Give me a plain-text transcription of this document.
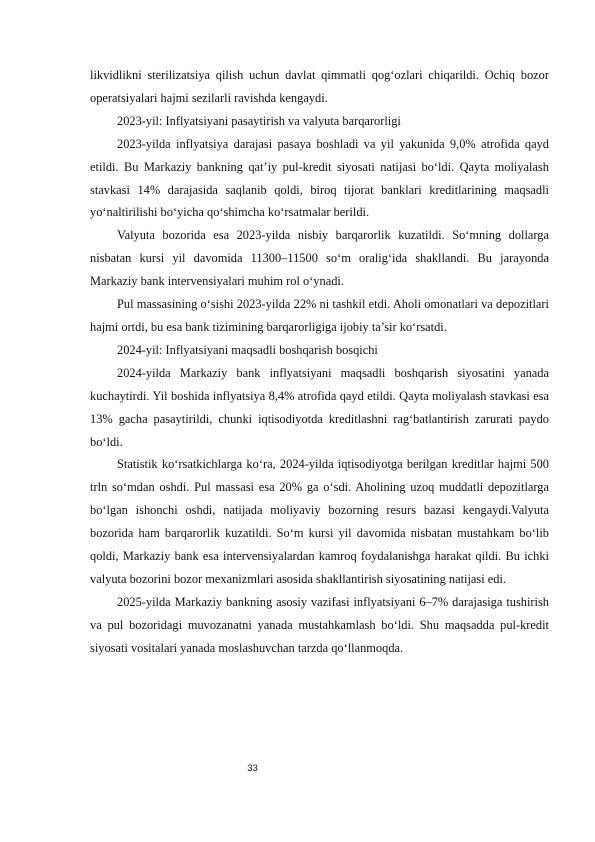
likvidlikni sterilizatsiya qilish uchun davlat qimmatli qog‘ozlari chiqarildi. Ochiq bozor operatsiyalari hajmi sezilarli ravishda kengaydi.

2023-yil: Inflyatsiyani pasaytirish va valyuta barqarorligi

2023-yilda inflyatsiya darajasi pasaya boshladi va yil yakunida 9,0% atrofida qayd etildi. Bu Markaziy bankning qat’iy pul-kredit siyosati natijasi bo‘ldi. Qayta moliyalash stavkasi 14% darajasida saqlanib qoldi, biroq tijorat banklari kreditlarining maqsadli yo‘naltirilishi bo‘yicha qo‘shimcha ko‘rsatmalar berildi.

Valyuta bozorida esa 2023-yilda nisbiy barqarorlik kuzatildi. So‘mning dollarga nisbatan kursi yil davomida 11300–11500 so‘m oralig‘ida shakllandi. Bu jarayonda Markaziy bank intervensiyalari muhim rol o‘ynadi.

Pul massasining o‘sishi 2023-yilda 22% ni tashkil etdi. Aholi omonatlari va depozitlari hajmi ortdi, bu esa bank tizimining barqarorligiga ijobiy ta’sir ko‘rsatdi.

2024-yil: Inflyatsiyani maqsadli boshqarish bosqichi

2024-yilda Markaziy bank inflyatsiyani maqsadli boshqarish siyosatini yanada kuchaytirdi. Yil boshida inflyatsiya 8,4% atrofida qayd etildi. Qayta moliyalash stavkasi esa 13% gacha pasaytirildi, chunki iqtisodiyotda kreditlashni rag‘batlantirish zarurati paydo bo‘ldi.

Statistik ko‘rsatkichlarga ko‘ra, 2024-yilda iqtisodiyotga berilgan kreditlar hajmi 500 trln so‘mdan oshdi. Pul massasi esa 20% ga o‘sdi. Aholining uzoq muddatli depozitlarga bo‘lgan ishonchi oshdi, natijada moliyaviy bozorning resurs bazasi kengaydi.Valyuta bozorida ham barqarorlik kuzatildi. So‘m kursi yil davomida nisbatan mustahkam bo‘lib qoldi, Markaziy bank esa intervensiyalardan kamroq foydalanishga harakat qildi. Bu ichki valyuta bozorini bozor mexanizmlari asosida shakllantirish siyosatining natijasi edi.

2025-yilda Markaziy bankning asosiy vazifasi inflyatsiyani 6–7% darajasiga tushirish va pul bozoridagi muvozanatni yanada mustahkamlash bo‘ldi. Shu maqsadda pul-kredit siyosati vositalari yanada moslashuvchan tarzda qo‘llanmoqda.

33
